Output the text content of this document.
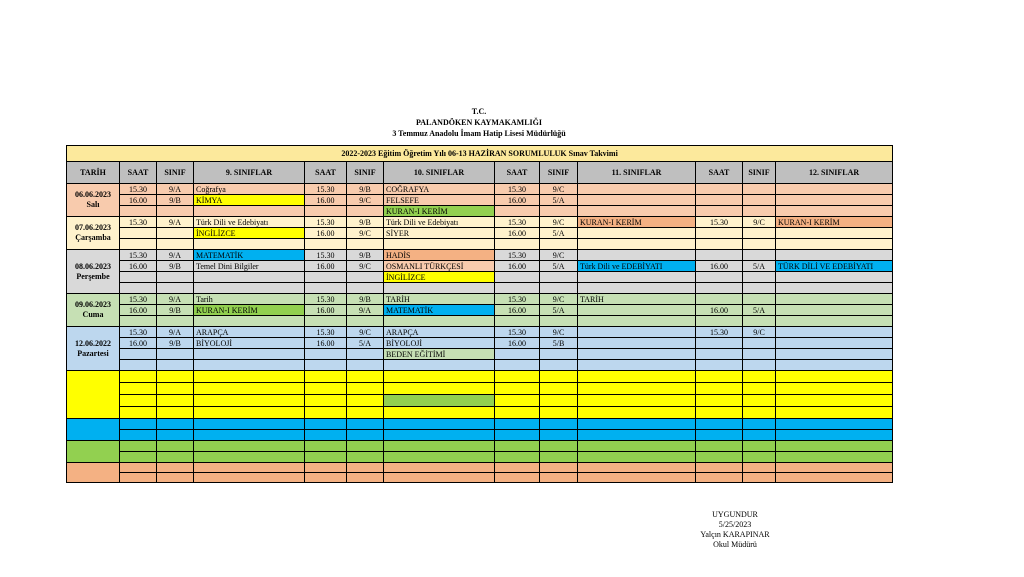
T.C.
PALANDÖKEN KAYMAKAMLIĞI
3 Temmuz Anadolu İmam Hatip Lisesi Müdürlüğü
2022-2023 Eğitim Öğretim Yılı 06-13 HAZİRAN SORUMLULUK Sınav Takvimi												
TARİH	SAAT	SINIF	9. SINIFLAR	SAAT	SINIF	10. SINIFLAR	SAAT	SINIF	11. SINIFLAR	SAAT	SINIF	12. SINIFLAR

06.06.2023
Salı	15.30	9/A	Coğrafya	15.30	9/B	COĞRAFYA	15.30	9/C				
	16.00	9/B	KİMYA	16.00	9/C	FELSEFE	16.00	5/A				
						KURAN-I KERİM						

07.06.2023
Çarşamba	15.30	9/A	Türk Dili ve Edebiyatı	15.30	9/B	Türk Dili ve Edebiyatı	15.30	9/C	KURAN-I KERİM	15.30	9/C	KURAN-I KERİM
			İNGİLİZCE	16.00	9/C	SİYER	16.00	5/A				

08.06.2023
Perşembe	15.30	9/A	MATEMATİK	15.30	9/B	HADİS	15.30	9/C				
	16.00	9/B	Temel Dini Bilgiler	16.00	9/C	OSMANLI TÜRKÇESİ	16.00	5/A	Türk Dili ve EDEBİYATI	16.00	5/A	TÜRK DİLİ VE EDEBİYATI
						İNGİLİZCE						

09.06.2023
Cuma	15.30	9/A	Tarih	15.30	9/B	TARİH	15.30	9/C	TARİH			
	16.00	9/B	KURAN-I KERİM	16.00	9/A	MATEMATİK	16.00	5/A		16.00	5/A	

12.06.2022
Pazartesi	15.30	9/A	ARAPÇA	15.30	9/C	ARAPÇA	15.30	9/C		15.30	9/C	
	16.00	9/B	BİYOLOJİ	16.00	5/A	BİYOLOJİ	16.00	5/B				
						BEDEN EĞİTİMİ						

UYGUNDUR
5/25/2023
Yalçın KARAPINAR
Okul Müdürü
